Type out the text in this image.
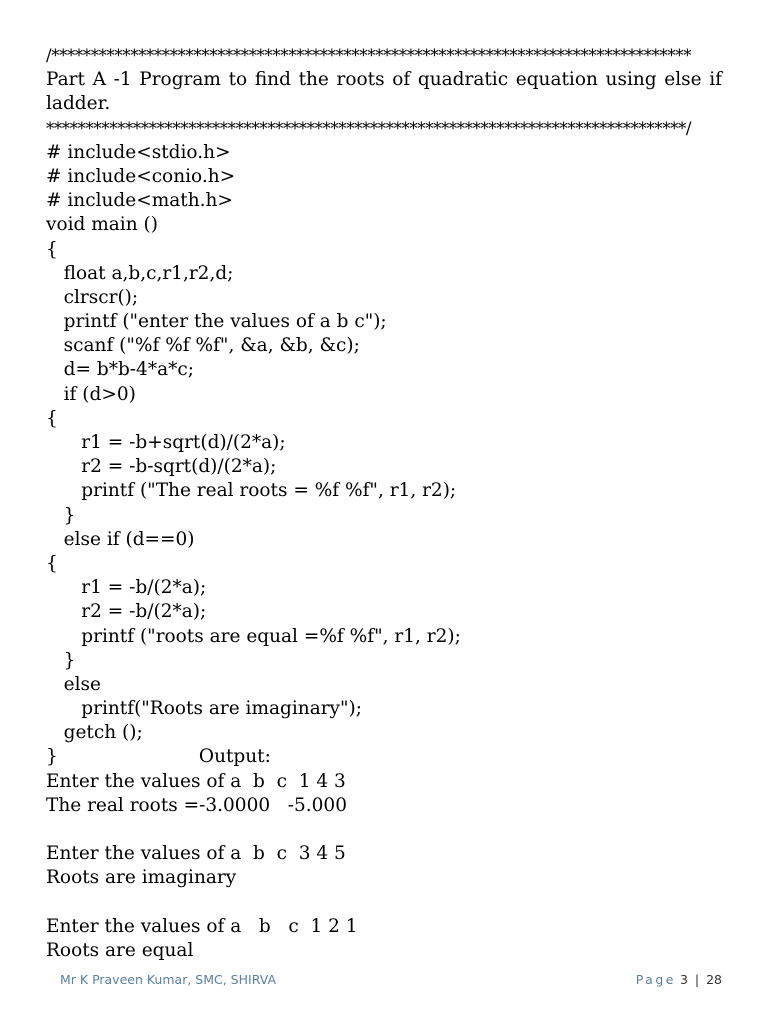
/*********************************************************************************
Part A -1 Program to find the roots of quadratic equation using else if
ladder.
*********************************************************************************/
# include<stdio.h>
# include<conio.h>
# include<math.h>
void main ()
{
float a,b,c,r1,r2,d;
clrscr();
printf ("enter the values of a b c");
scanf ("%f %f %f", &a, &b, &c);
d= b*b-4*a*c;
if (d>0)
{
r1 = -b+sqrt(d)/(2*a);
r2 = -b-sqrt(d)/(2*a);
printf ("The real roots = %f %f", r1, r2);
}
else if (d==0)
{
r1 = -b/(2*a);
r2 = -b/(2*a);
printf ("roots are equal =%f %f", r1, r2);
}
else
printf("Roots are imaginary");
getch ();
}                        Output:
Enter the values of a  b  c  1 4 3
The real roots =-3.0000   -5.000
Enter the values of a  b  c  3 4 5
Roots are imaginary
Enter the values of a   b   c  1 2 1
Roots are equal
Mr K Praveen Kumar, SMC, SHIRVA	Page 3 | 28
